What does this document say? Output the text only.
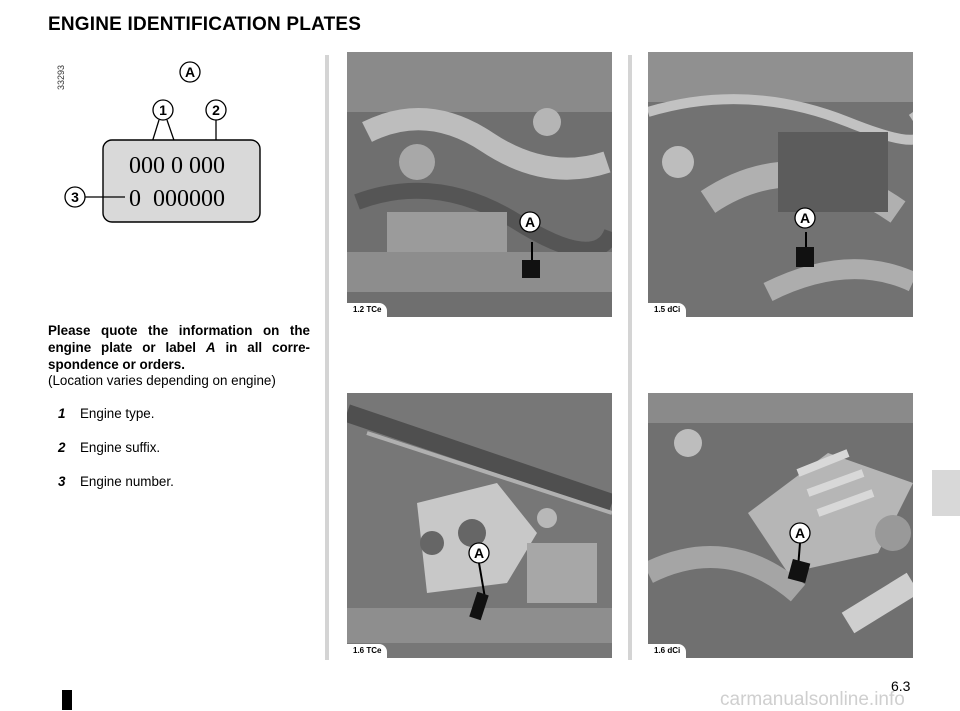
ENGINE IDENTIFICATION PLATES
33293	A
1	2
000 0 000
0  000000
3
Please quote the information on the engine plate or label A in all correspondence or orders.
(Location varies depending on engine)
1 Engine type.
2 Engine suffix.
3 Engine number.
A
1.2 TCe
A
1.5 dCi
A
1.6 TCe
A
1.6 dCi
6.3
carmanualsonline.info
